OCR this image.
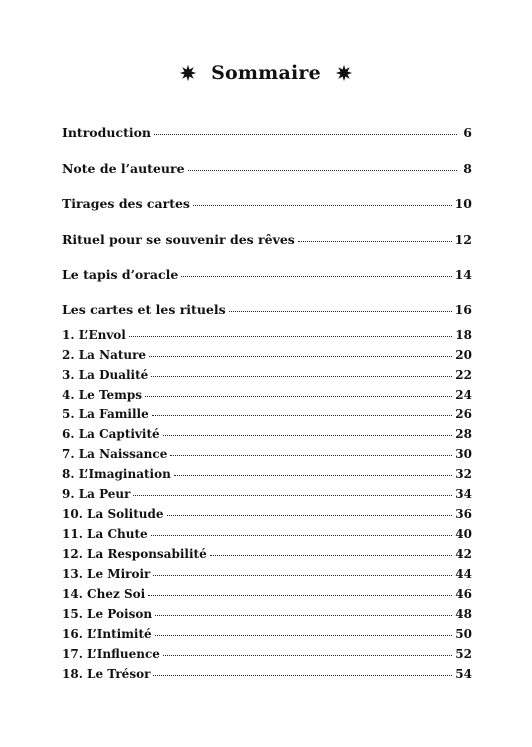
Sommaire
Introduction	6
Note de l’auteure	8
Tirages des cartes	10
Rituel pour se souvenir des rêves	12
Le tapis d’oracle	14
Les cartes et les rituels	16
1. L’Envol	18
2. La Nature	20
3. La Dualité	22
4. Le Temps	24
5. La Famille	26
6. La Captivité	28
7. La Naissance	30
8. L’Imagination	32
9. La Peur	34
10. La Solitude	36
11. La Chute	40
12. La Responsabilité	42
13. Le Miroir	44
14. Chez Soi	46
15. Le Poison	48
16. L’Intimité	50
17. L’Influence	52
18. Le Trésor	54
